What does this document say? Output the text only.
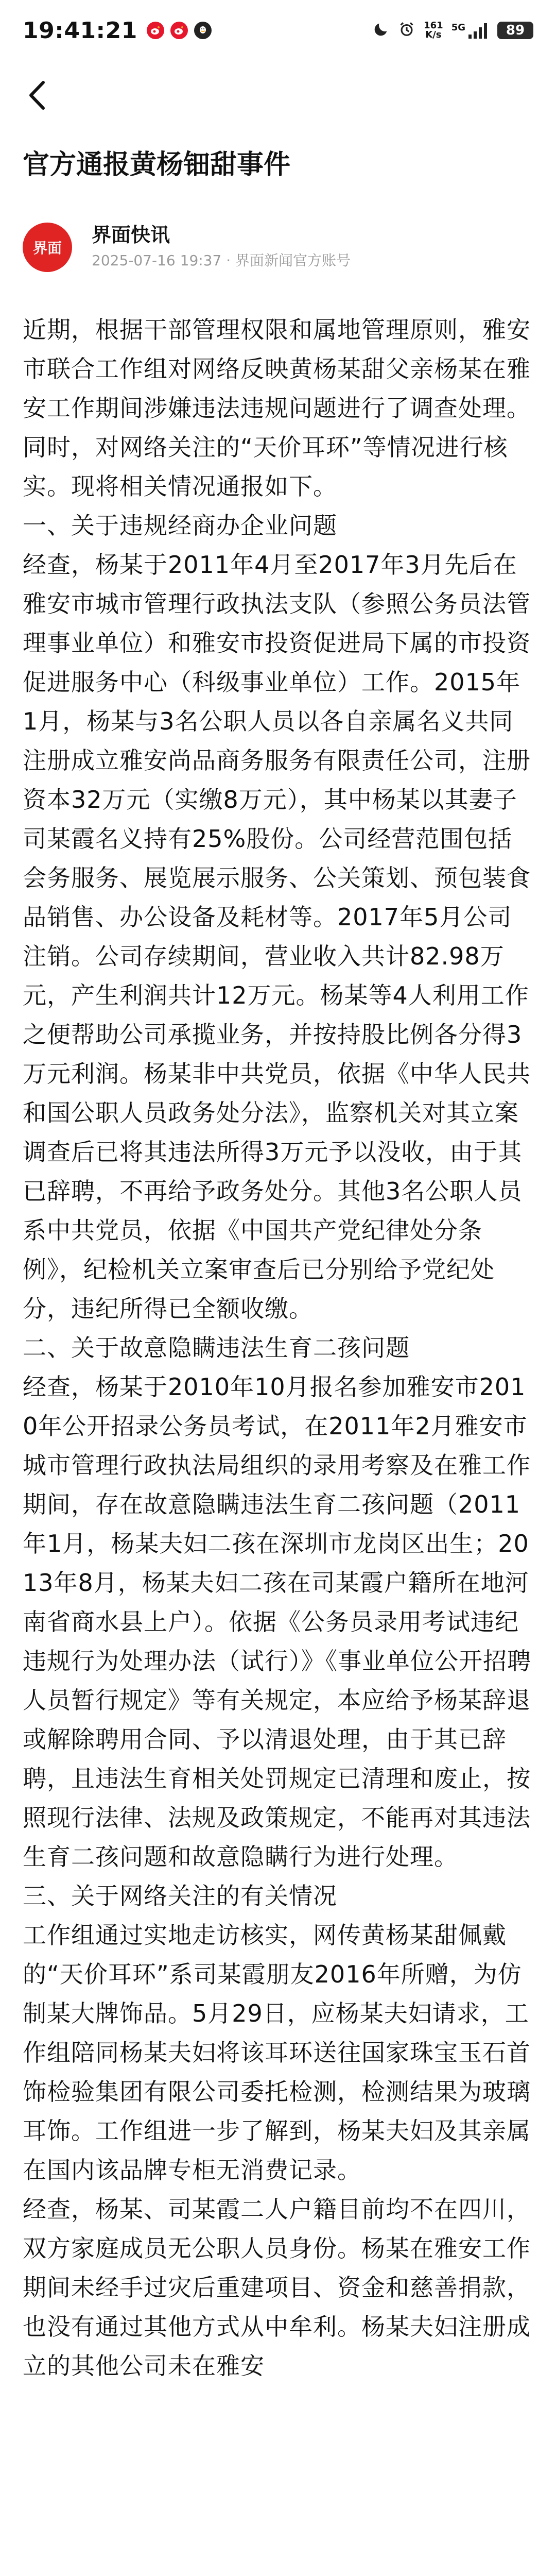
19:41:21	161
K/s
5G	89
官方通报黄杨钿甜事件
界面
界面快讯
2025-07-16 19:37 · 界面新闻官方账号

近期，根据干部管理权限和属地管理原则，雅安市联合工作组对网络反映黄杨某甜父亲杨某在雅安工作期间涉嫌违法违规问题进行了调查处理。同时，对网络关注的“天价耳环”等情况进行核实。现将相关情况通报如下。

一、关于违规经商办企业问题

经查，杨某于2011年4月至2017年3月先后在雅安市城市管理行政执法支队（参照公务员法管理事业单位）和雅安市投资促进局下属的市投资促进服务中心（科级事业单位）工作。2015年1月，杨某与3名公职人员以各自亲属名义共同注册成立雅安尚品商务服务有限责任公司，注册资本32万元（实缴8万元），其中杨某以其妻子司某霞名义持有25%股份。公司经营范围包括会务服务、展览展示服务、公关策划、预包装食品销售、办公设备及耗材等。2017年5月公司注销。公司存续期间，营业收入共计82.98万元，产生利润共计12万元。杨某等4人利用工作之便帮助公司承揽业务，并按持股比例各分得3万元利润。杨某非中共党员，依据《中华人民共和国公职人员政务处分法》，监察机关对其立案调查后已将其违法所得3万元予以没收，由于其已辞聘，不再给予政务处分。其他3名公职人员系中共党员，依据《中国共产党纪律处分条例》，纪检机关立案审查后已分别给予党纪处分，违纪所得已全额收缴。

二、关于故意隐瞒违法生育二孩问题

经查，杨某于2010年10月报名参加雅安市2010年公开招录公务员考试，在2011年2月雅安市城市管理行政执法局组织的录用考察及在雅工作期间，存在故意隐瞒违法生育二孩问题（2011年1月，杨某夫妇二孩在深圳市龙岗区出生；2013年8月，杨某夫妇二孩在司某霞户籍所在地河南省商水县上户）。依据《公务员录用考试违纪违规行为处理办法（试行）》《事业单位公开招聘人员暂行规定》等有关规定，本应给予杨某辞退或解除聘用合同、予以清退处理，由于其已辞聘，且违法生育相关处罚规定已清理和废止，按照现行法律、法规及政策规定，不能再对其违法生育二孩问题和故意隐瞒行为进行处理。

三、关于网络关注的有关情况

工作组通过实地走访核实，网传黄杨某甜佩戴的“天价耳环”系司某霞朋友2016年所赠，为仿制某大牌饰品。5月29日，应杨某夫妇请求，工作组陪同杨某夫妇将该耳环送往国家珠宝玉石首饰检验集团有限公司委托检测，检测结果为玻璃耳饰。工作组进一步了解到，杨某夫妇及其亲属在国内该品牌专柜无消费记录。

经查，杨某、司某霞二人户籍目前均不在四川，双方家庭成员无公职人员身份。杨某在雅安工作期间未经手过灾后重建项目、资金和慈善捐款，也没有通过其他方式从中牟利。杨某夫妇注册成立的其他公司未在雅安
